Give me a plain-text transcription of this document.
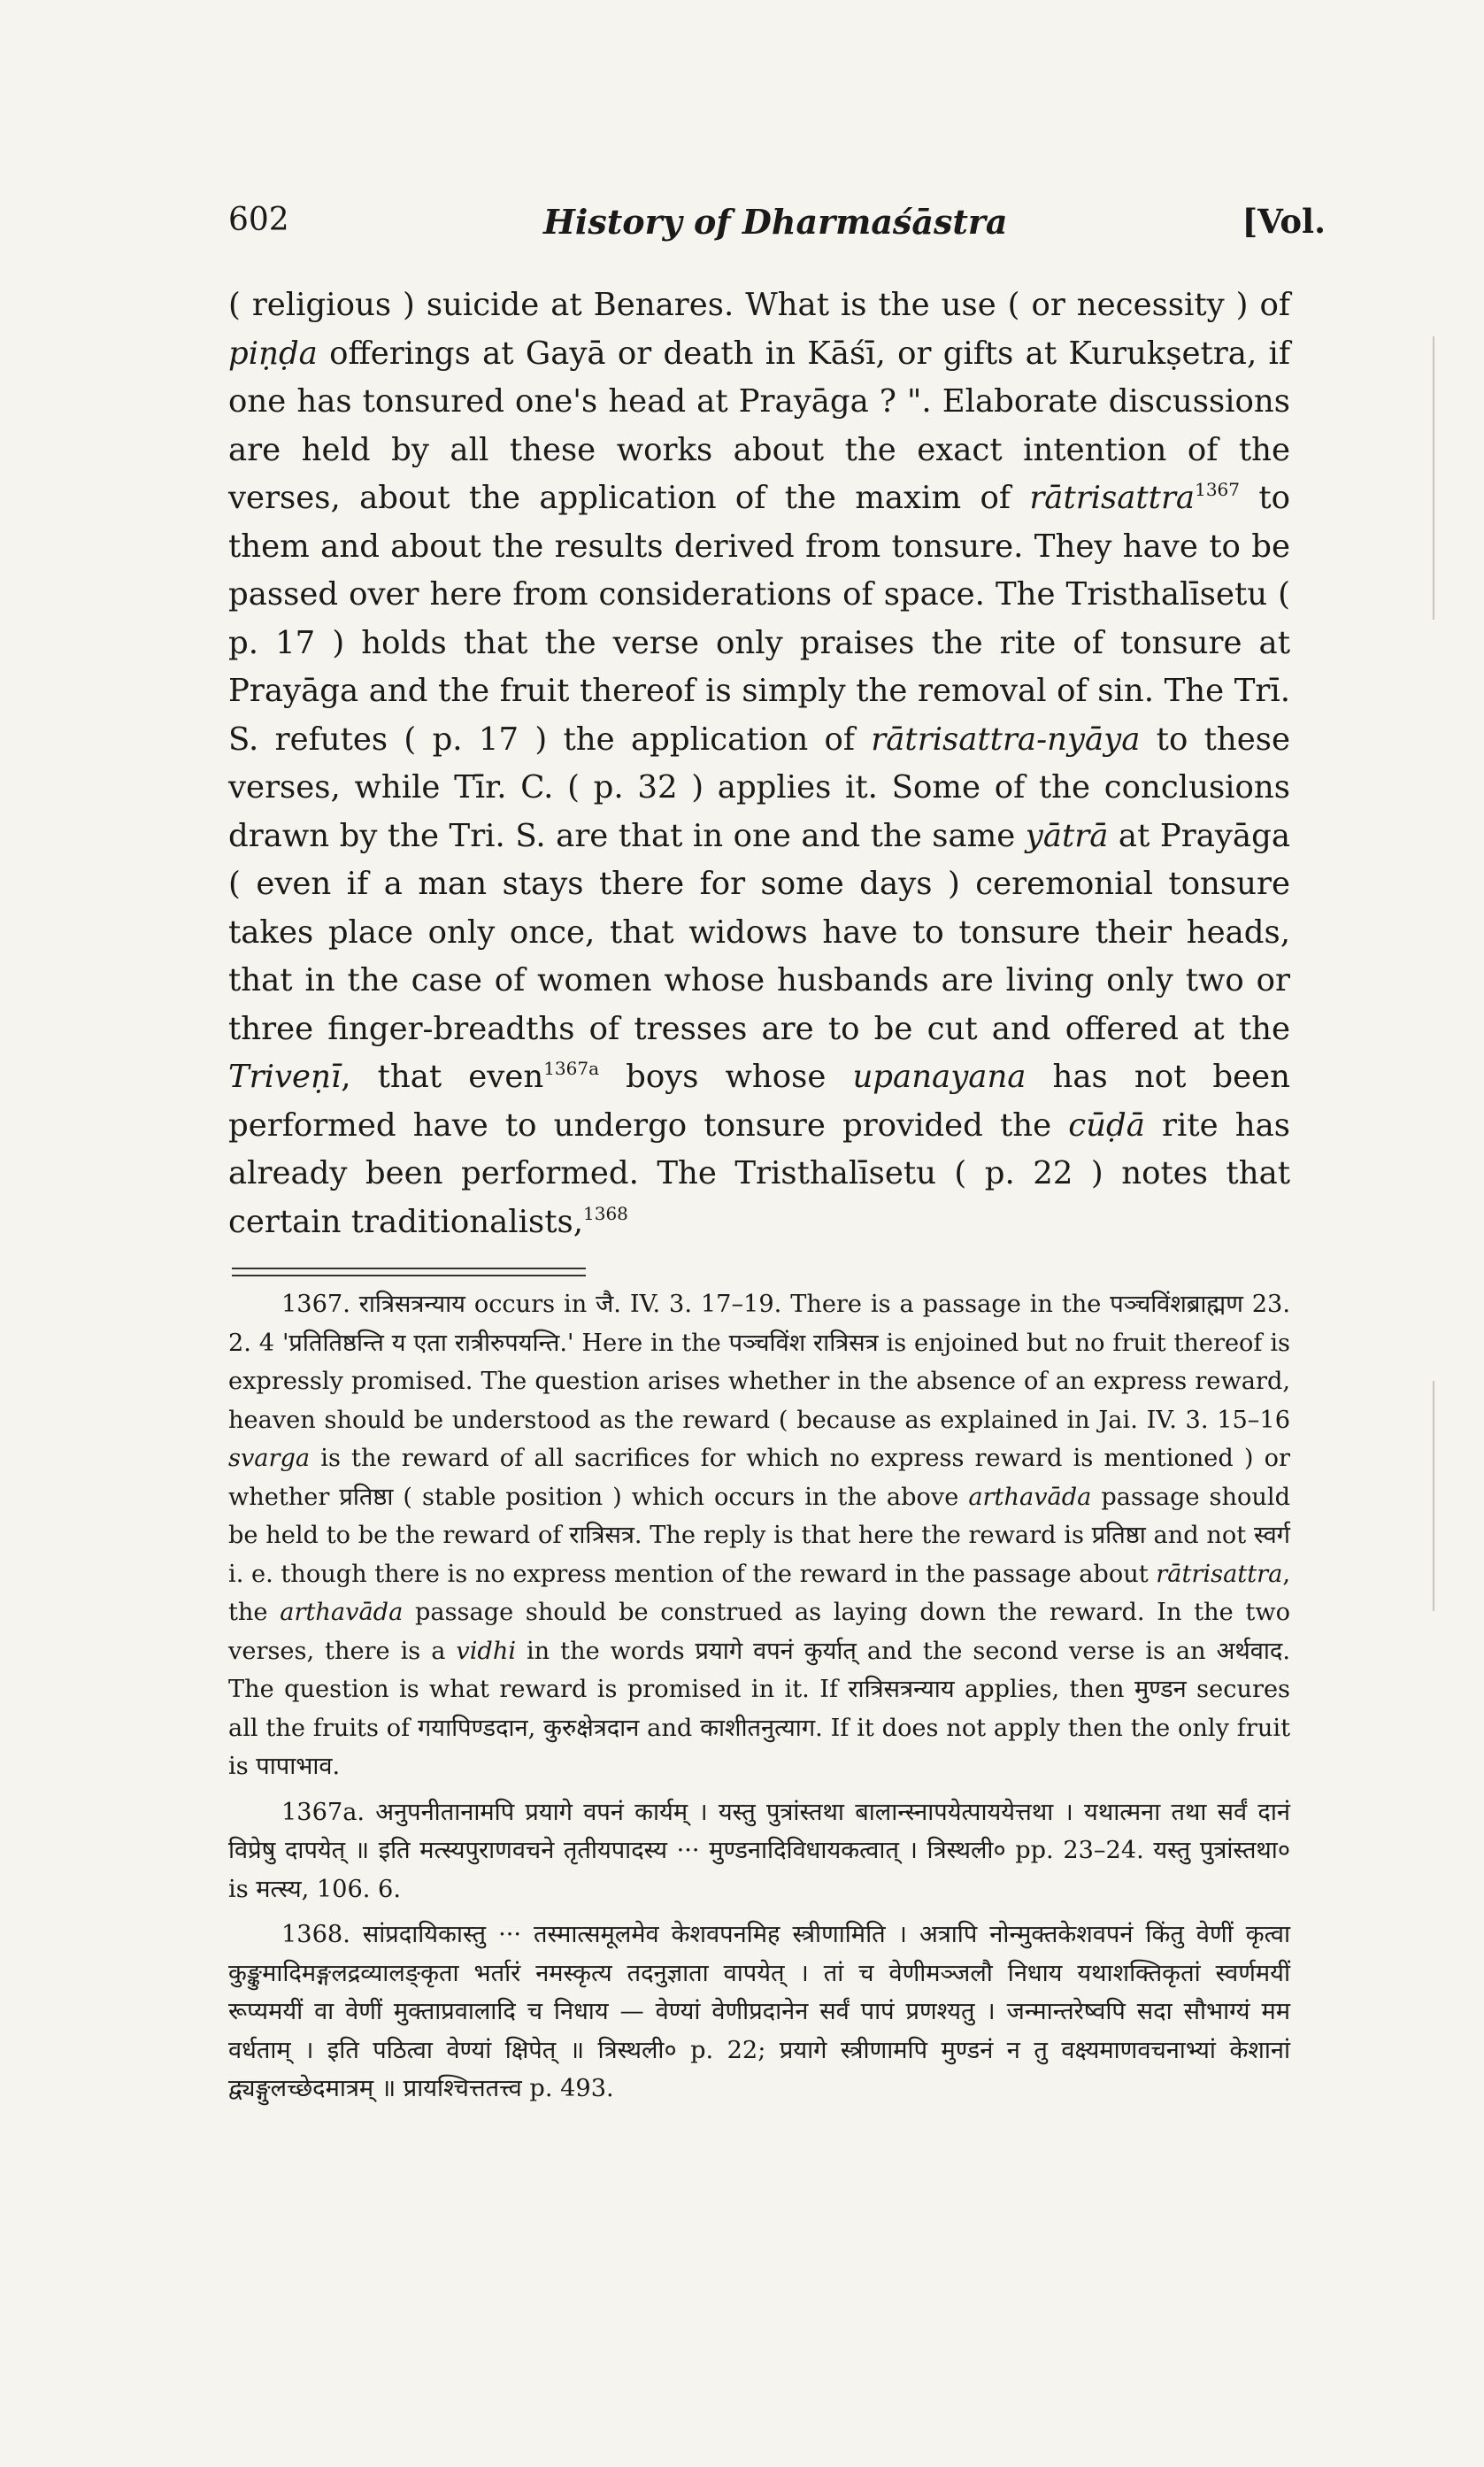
602	History of Dharmaśāstra	[Vol.

( religious ) suicide at Benares. What is the use ( or necessity ) of piṇḍa offerings at Gayā or death in Kāśī, or gifts at Kurukṣetra, if one has tonsured one's head at Prayāga ? ". Elaborate discussions are held by all these works about the exact intention of the verses, about the application of the maxim of rātrisattra$^{1367}$ to them and about the results derived from tonsure. They have to be passed over here from considerations of space. The Tristhalīsetu ( p. 17 ) holds that the verse only praises the rite of tonsure at Prayāga and the fruit thereof is simply the removal of sin. The Trī. S. refutes ( p. 17 ) the application of rātrisattra-nyāya to these verses, while Tīr. C. ( p. 32 ) applies it. Some of the conclusions drawn by the Tri. S. are that in one and the same yātrā at Prayāga ( even if a man stays there for some days ) ceremonial tonsure takes place only once, that widows have to tonsure their heads, that in the case of women whose husbands are living only two or three finger-breadths of tresses are to be cut and offered at the Triveṇī, that even$^{1367a}$ boys whose upanayana has not been performed have to undergo tonsure provided the cūḍā rite has already been performed. The Tristhalīsetu ( p. 22 ) notes that certain traditionalists,$^{1368}$

1367. रात्रिसत्रन्याय occurs in जै. IV. 3. 17–19. There is a passage in the पञ्चविंशब्राह्मण 23. 2. 4 'प्रतितिष्ठन्ति य एता रात्रीरुपयन्ति.' Here in the पञ्चविंश रात्रिसत्र is enjoined but no fruit thereof is expressly promised. The question arises whether in the absence of an express reward, heaven should be understood as the reward ( because as explained in Jai. IV. 3. 15–16 svarga is the reward of all sacrifices for which no express reward is mentioned ) or whether प्रतिष्ठा ( stable position ) which occurs in the above arthavāda passage should be held to be the reward of रात्रिसत्र. The reply is that here the reward is प्रतिष्ठा and not स्वर्ग i. e. though there is no express mention of the reward in the passage about rātrisattra, the arthavāda passage should be construed as laying down the reward. In the two verses, there is a vidhi in the words प्रयागे वपनं कुर्यात् and the second verse is an अर्थवाद. The question is what reward is promised in it. If रात्रिसत्रन्याय applies, then मुण्डन secures all the fruits of गयापिण्डदान, कुरुक्षेत्रदान and काशीतनुत्याग. If it does not apply then the only fruit is पापाभाव.

1367a. अनुपनीतानामपि प्रयागे वपनं कार्यम् । यस्तु पुत्रांस्तथा बालान्स्नापयेत्पाययेत्तथा । यथात्मना तथा सर्वं दानं विप्रेषु दापयेत् ॥ इति मत्स्यपुराणवचने तृतीयपादस्य ··· मुण्डनादिविधायकत्वात् । त्रिस्थली० pp. 23–24. यस्तु पुत्रांस्तथा० is मत्स्य, 106. 6.

1368. सांप्रदायिकास्तु ··· तस्मात्समूलमेव केशवपनमिह स्त्रीणामिति । अत्रापि नोन्मुक्तकेशवपनं किंतु वेणीं कृत्वा कुङ्कुमादिमङ्गलद्रव्यालङ्कृता भर्तारं नमस्कृत्य तदनुज्ञाता वापयेत् । तां च वेणीमञ्जलौ निधाय यथाशक्तिकृतां स्वर्णमयीं रूप्यमयीं वा वेणीं मुक्ताप्रवालादि च निधाय — वेण्यां वेणीप्रदानेन सर्वं पापं प्रणश्यतु । जन्मान्तरेष्वपि सदा सौभाग्यं मम वर्धताम् । इति पठित्वा वेण्यां क्षिपेत् ॥ त्रिस्थली० p. 22; प्रयागे स्त्रीणामपि मुण्डनं न तु वक्ष्यमाणवचनाभ्यां केशानां द्व्यङ्गुलच्छेदमात्रम् ॥ प्रायश्चित्ततत्त्व p. 493.
